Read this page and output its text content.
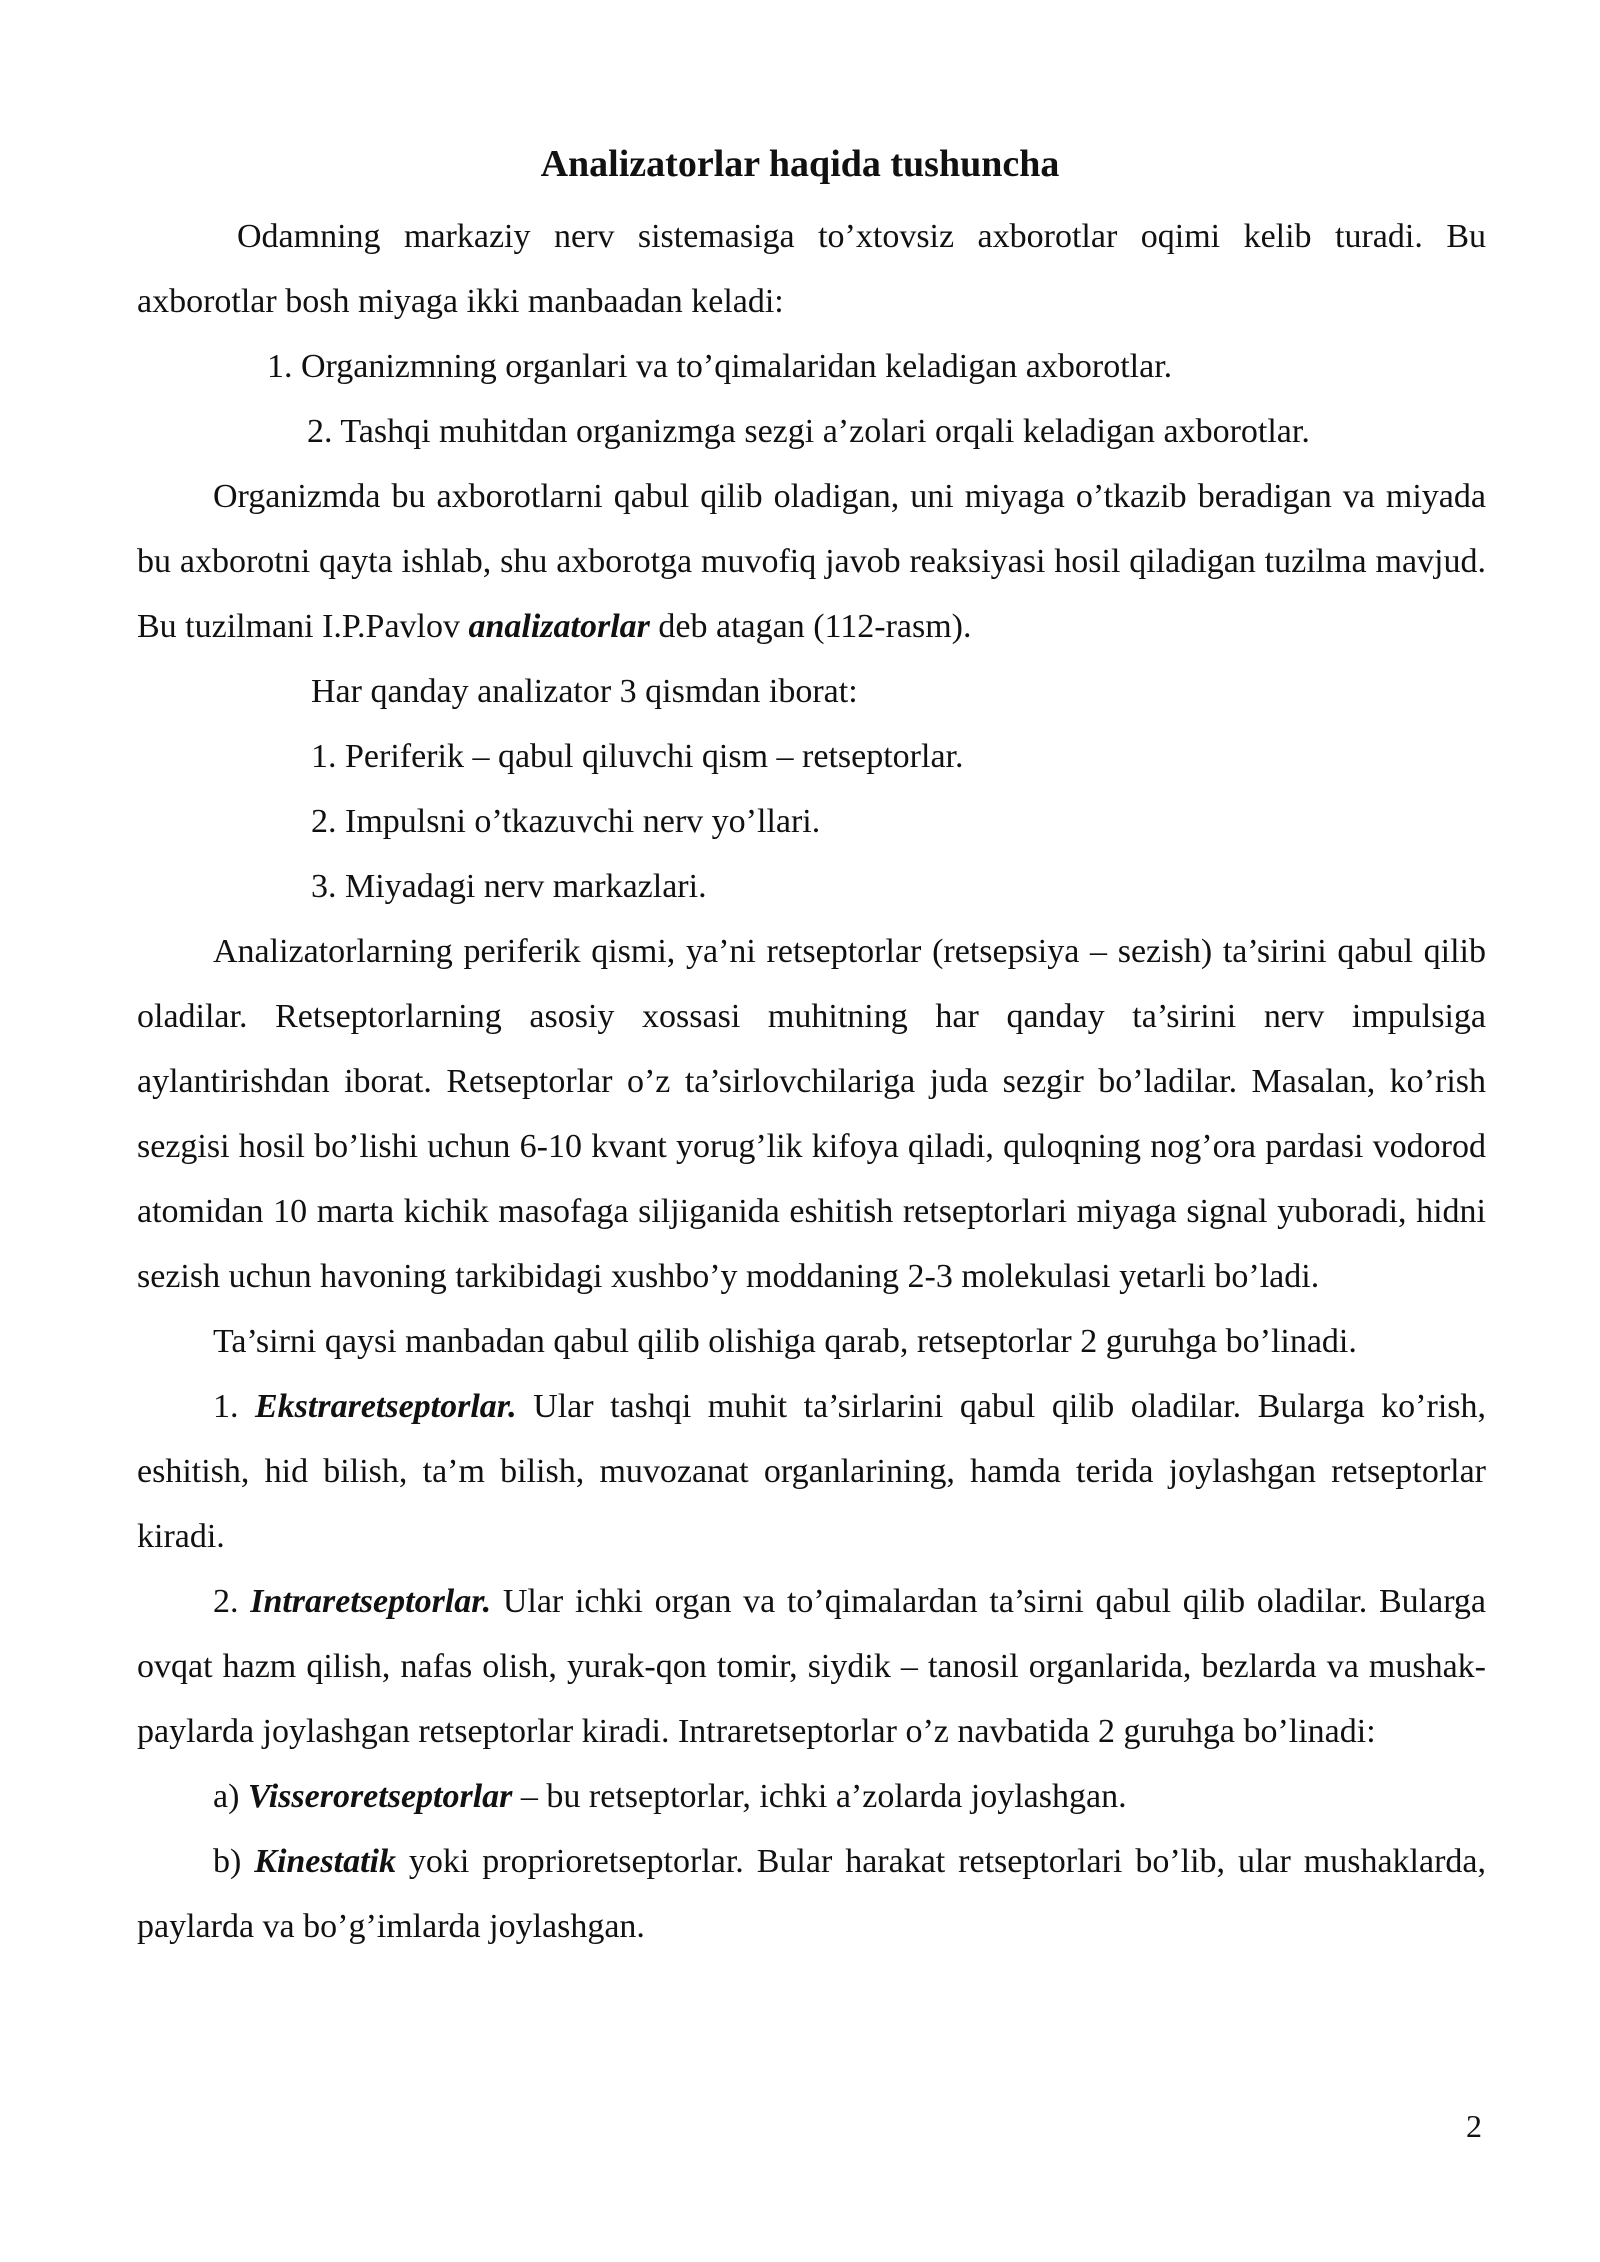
Analizatorlar haqida tushuncha

Odamning markaziy nerv sistemasiga to’xtovsiz axborotlar oqimi kelib turadi. Bu axborotlar bosh miyaga ikki manbaadan keladi:

1. Organizmning organlari va to’qimalaridan keladigan axborotlar.

2. Tashqi muhitdan organizmga sezgi a’zolari orqali keladigan axborotlar.

Organizmda bu axborotlarni qabul qilib oladigan, uni miyaga o’tkazib beradigan va miyada bu axborotni qayta ishlab, shu axborotga muvofiq javob reaksiyasi hosil qiladigan tuzilma mavjud. Bu tuzilmani I.P.Pavlov analizatorlar deb atagan (112-rasm).

Har qanday analizator 3 qismdan iborat:

1. Periferik – qabul qiluvchi qism – retseptorlar.

2. Impulsni o’tkazuvchi nerv yo’llari.

3. Miyadagi nerv markazlari.

Analizatorlarning periferik qismi, ya’ni retseptorlar (retsepsiya – sezish) ta’sirini qabul qilib oladilar. Retseptorlarning asosiy xossasi muhitning har qanday ta’sirini nerv impulsiga aylantirishdan iborat. Retseptorlar o’z ta’sirlovchilariga juda sezgir bo’ladilar. Masalan, ko’rish sezgisi hosil bo’lishi uchun 6-10 kvant yorug’lik kifoya qiladi, quloqning nog’ora pardasi vodorod atomidan 10 marta kichik masofaga siljiganida eshitish retseptorlari miyaga signal yuboradi, hidni sezish uchun havoning tarkibidagi xushbo’y moddaning 2-3 molekulasi yetarli bo’ladi.

Ta’sirni qaysi manbadan qabul qilib olishiga qarab, retseptorlar 2 guruhga bo’linadi.

1. Ekstraretseptorlar. Ular tashqi muhit ta’sirlarini qabul qilib oladilar. Bularga ko’rish, eshitish, hid bilish, ta’m bilish, muvozanat organlarining, hamda terida joylashgan retseptorlar kiradi.

2. Intraretseptorlar. Ular ichki organ va to’qimalardan ta’sirni qabul qilib oladilar. Bularga ovqat hazm qilish, nafas olish, yurak-qon tomir, siydik – tanosil organlarida, bezlarda va mushak-paylarda joylashgan retseptorlar kiradi. Intraretseptorlar o’z navbatida 2 guruhga bo’linadi:

a) Visseroretseptorlar – bu retseptorlar, ichki a’zolarda joylashgan.

b) Kinestatik yoki proprioretseptorlar. Bular harakat retseptorlari bo’lib, ular mushaklarda, paylarda va bo’g’imlarda joylashgan.

2
